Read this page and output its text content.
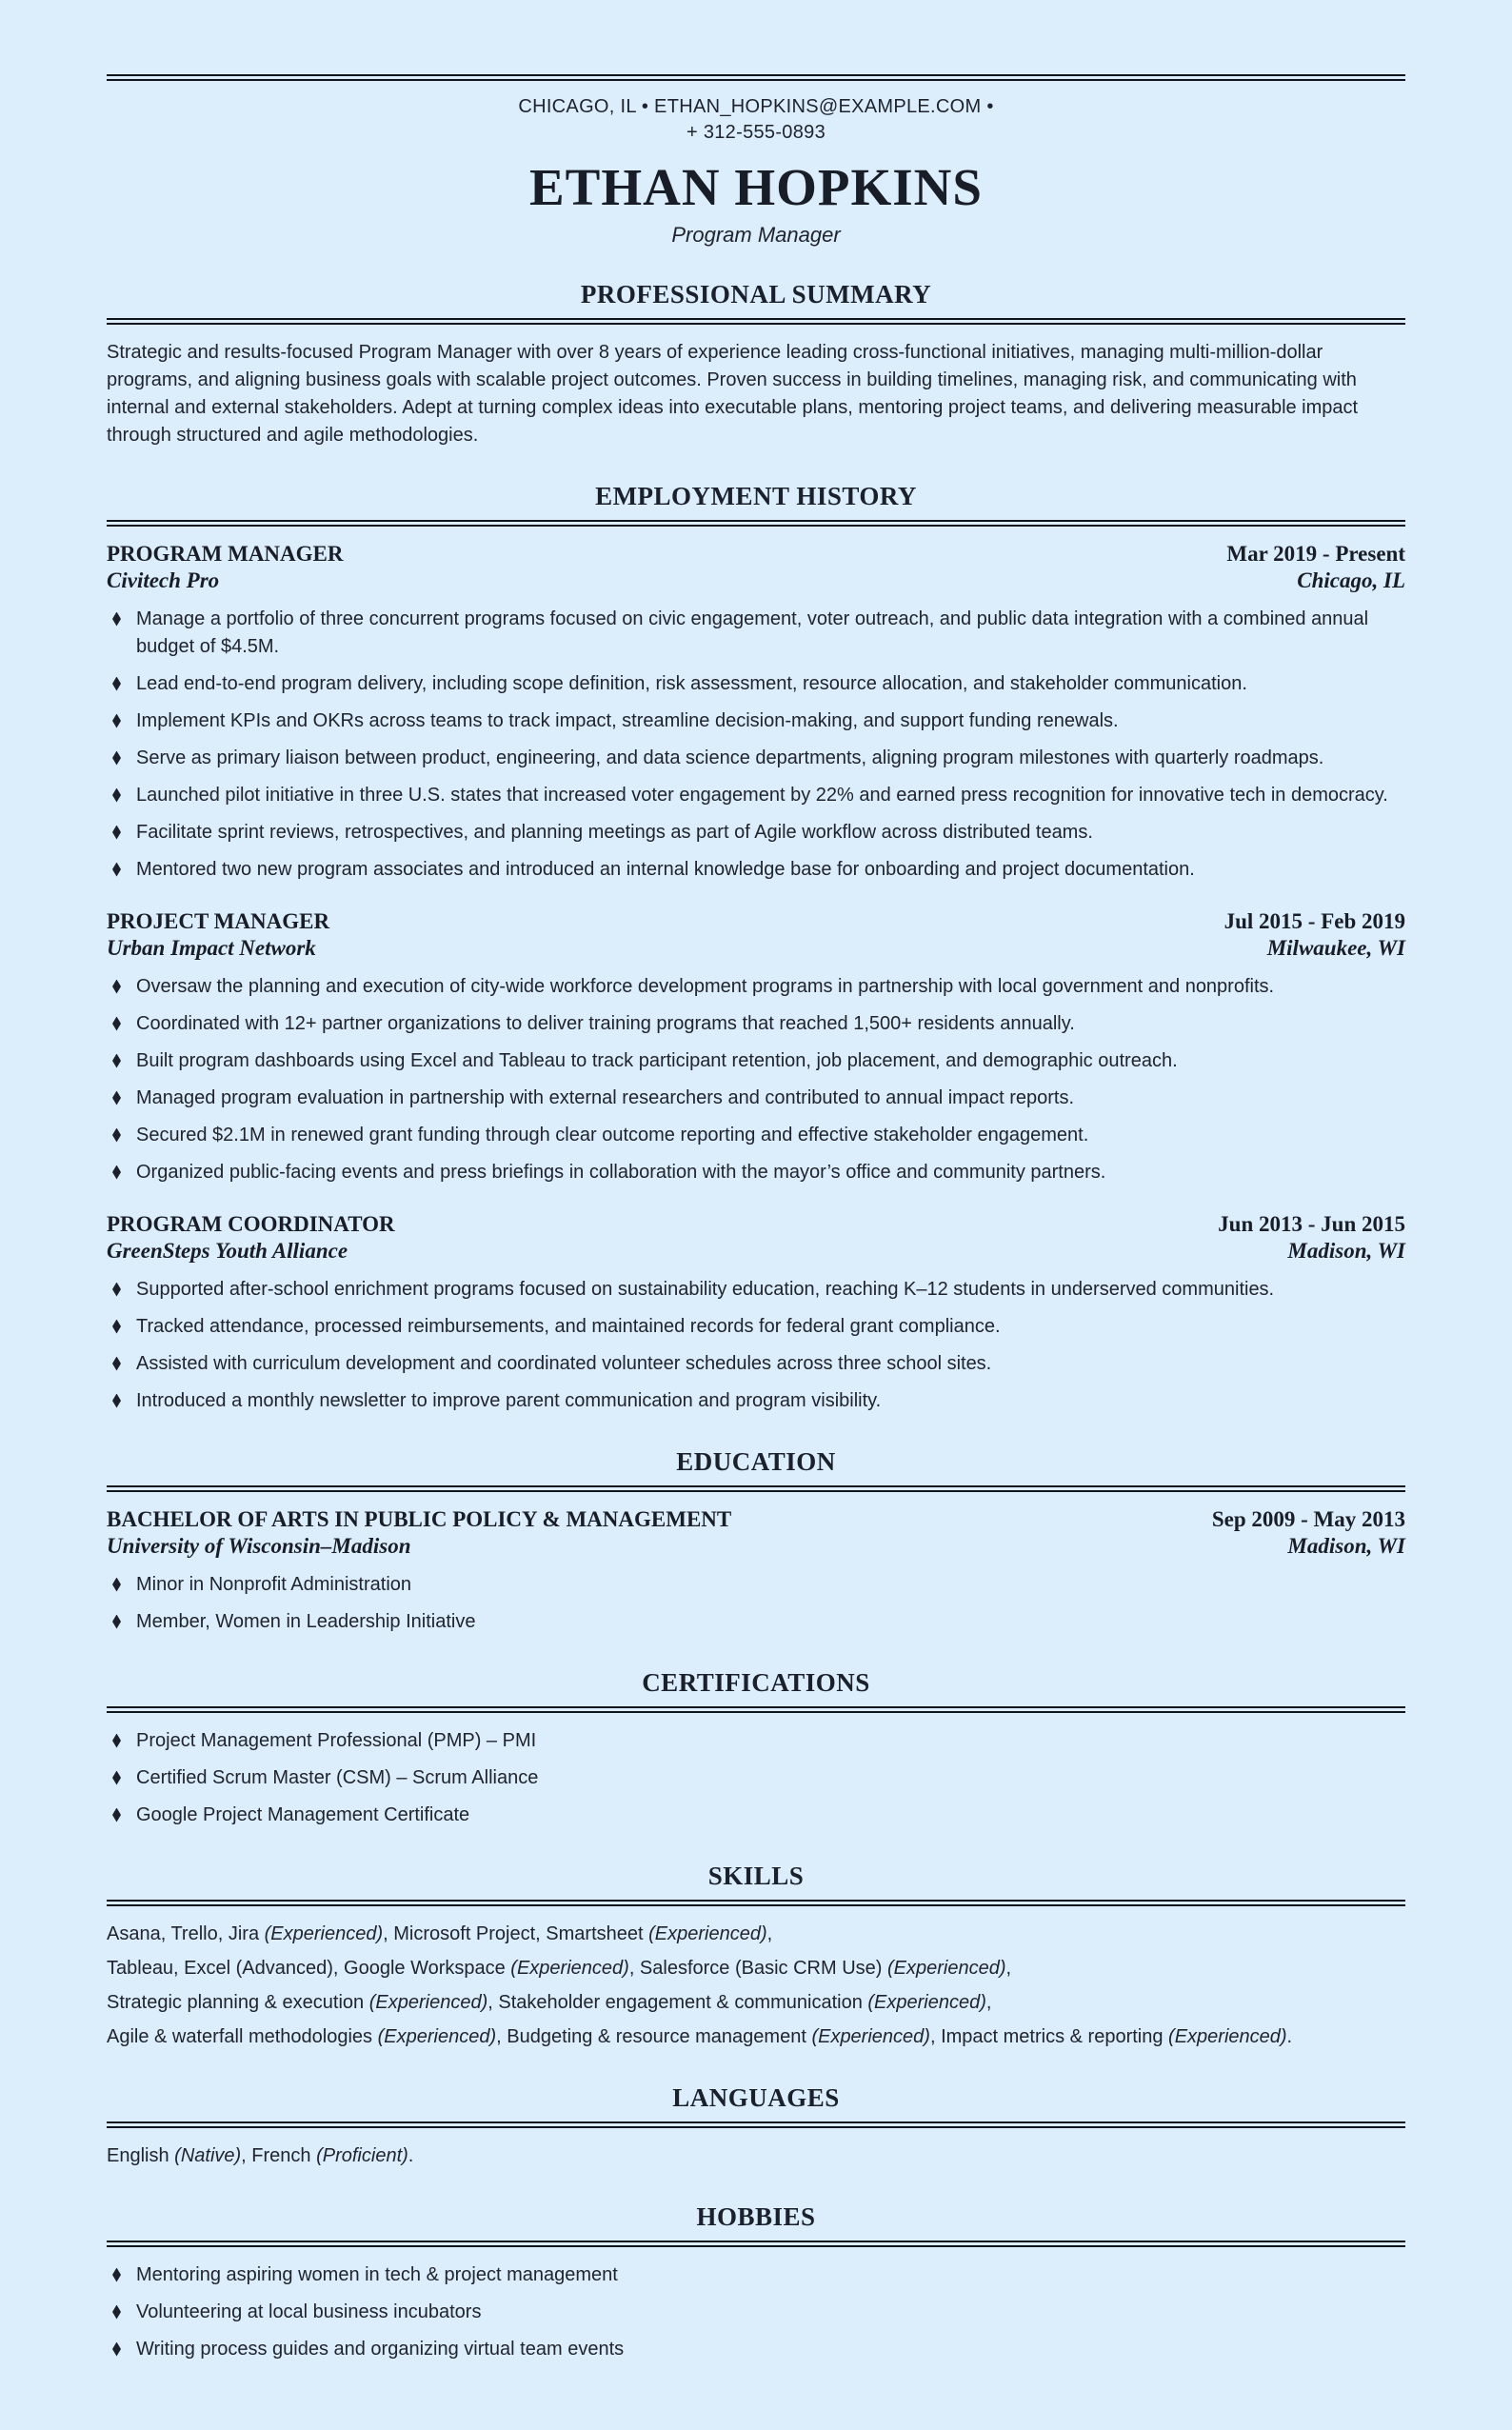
CHICAGO, IL • ETHAN_HOPKINS@EXAMPLE.COM •
+ 312-555-0893
ETHAN HOPKINS
Program Manager
PROFESSIONAL SUMMARY
Strategic and results-focused Program Manager with over 8 years of experience leading cross-functional initiatives, managing multi-million-dollar programs, and aligning business goals with scalable project outcomes. Proven success in building timelines, managing risk, and communicating with internal and external stakeholders. Adept at turning complex ideas into executable plans, mentoring project teams, and delivering measurable impact through structured and agile methodologies.
EMPLOYMENT HISTORY
PROGRAM MANAGER	Mar 2019 - Present
Civitech Pro	Chicago, IL
Manage a portfolio of three concurrent programs focused on civic engagement, voter outreach, and public data integration with a combined annual budget of $4.5M.
Lead end-to-end program delivery, including scope definition, risk assessment, resource allocation, and stakeholder communication.
Implement KPIs and OKRs across teams to track impact, streamline decision-making, and support funding renewals.
Serve as primary liaison between product, engineering, and data science departments, aligning program milestones with quarterly roadmaps.
Launched pilot initiative in three U.S. states that increased voter engagement by 22% and earned press recognition for innovative tech in democracy.
Facilitate sprint reviews, retrospectives, and planning meetings as part of Agile workflow across distributed teams.
Mentored two new program associates and introduced an internal knowledge base for onboarding and project documentation.
PROJECT MANAGER	Jul 2015 - Feb 2019
Urban Impact Network	Milwaukee, WI
Oversaw the planning and execution of city-wide workforce development programs in partnership with local government and nonprofits.
Coordinated with 12+ partner organizations to deliver training programs that reached 1,500+ residents annually.
Built program dashboards using Excel and Tableau to track participant retention, job placement, and demographic outreach.
Managed program evaluation in partnership with external researchers and contributed to annual impact reports.
Secured $2.1M in renewed grant funding through clear outcome reporting and effective stakeholder engagement.
Organized public-facing events and press briefings in collaboration with the mayor’s office and community partners.
PROGRAM COORDINATOR	Jun 2013 - Jun 2015
GreenSteps Youth Alliance	Madison, WI
Supported after-school enrichment programs focused on sustainability education, reaching K–12 students in underserved communities.
Tracked attendance, processed reimbursements, and maintained records for federal grant compliance.
Assisted with curriculum development and coordinated volunteer schedules across three school sites.
Introduced a monthly newsletter to improve parent communication and program visibility.
EDUCATION
BACHELOR OF ARTS IN PUBLIC POLICY & MANAGEMENT	Sep 2009 - May 2013
University of Wisconsin–Madison	Madison, WI
Minor in Nonprofit Administration
Member, Women in Leadership Initiative
CERTIFICATIONS
Project Management Professional (PMP) – PMI
Certified Scrum Master (CSM) – Scrum Alliance
Google Project Management Certificate
SKILLS
Asana, Trello, Jira (Experienced), Microsoft Project, Smartsheet (Experienced),
Tableau, Excel (Advanced), Google Workspace (Experienced), Salesforce (Basic CRM Use) (Experienced),
Strategic planning & execution (Experienced), Stakeholder engagement & communication (Experienced),
Agile & waterfall methodologies (Experienced), Budgeting & resource management (Experienced), Impact metrics & reporting (Experienced).
LANGUAGES
English (Native), French (Proficient).
HOBBIES
Mentoring aspiring women in tech & project management
Volunteering at local business incubators
Writing process guides and organizing virtual team events
